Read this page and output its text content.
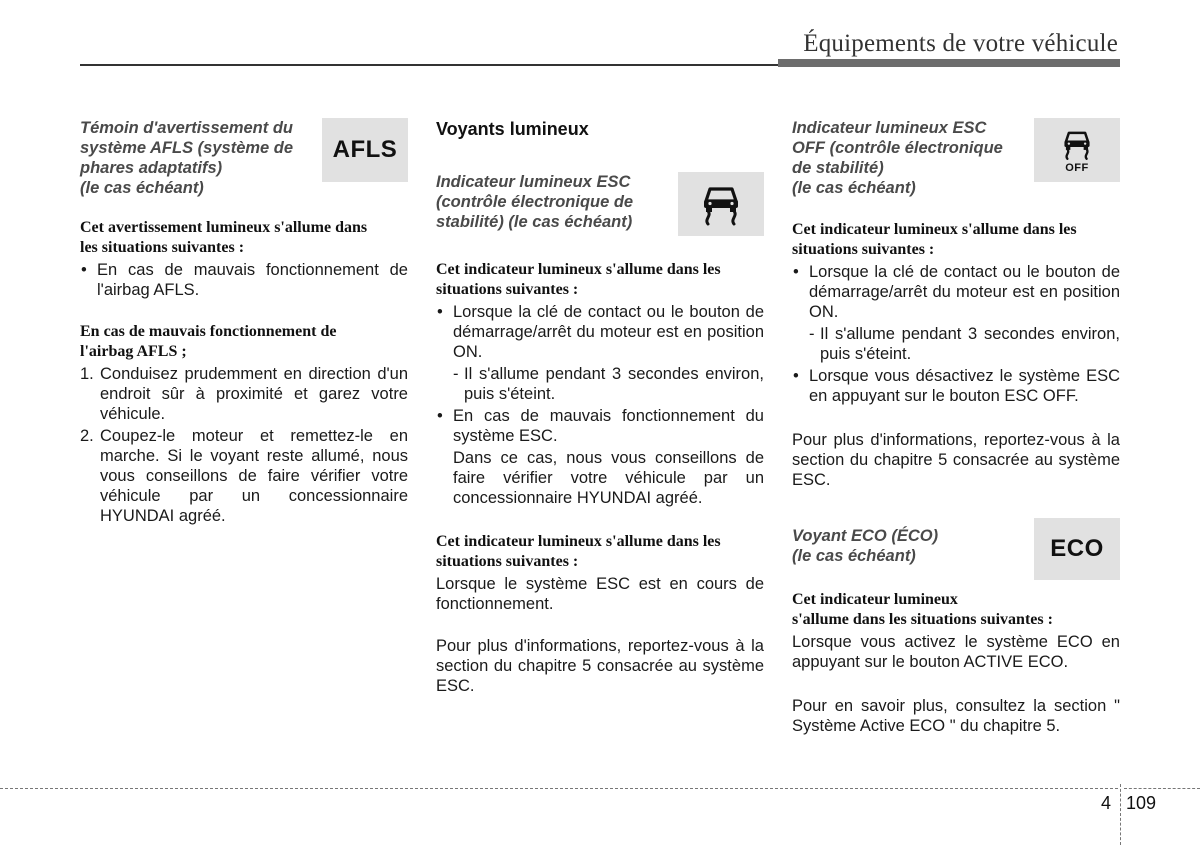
Équipements de votre véhicule

Témoin d'avertissement du
système AFLS (système de
phares adaptatifs)
(le cas échéant)

AFLS

Cet avertissement lumineux s'allume dans
les situations suivantes :

• En cas de mauvais fonctionnement de l'airbag AFLS.

En cas de mauvais fonctionnement de
l'airbag AFLS ;

1. Conduisez prudemment en direction d'un endroit sûr à proximité et garez votre véhicule.
2. Coupez-le moteur et remettez-le en marche. Si le voyant reste allumé, nous vous conseillons de faire vérifier votre véhicule par un concessionnaire HYUNDAI agréé.
Voyants lumineux

Indicateur lumineux ESC
(contrôle électronique de
stabilité) (le cas échéant)

Cet indicateur lumineux s'allume dans les
situations suivantes :

• Lorsque la clé de contact ou le bouton de démarrage/arrêt du moteur est en position ON.
- Il s'allume pendant 3 secondes environ, puis s'éteint.
• En cas de mauvais fonctionnement du système ESC.
Dans ce cas, nous vous conseillons de faire vérifier votre véhicule par un concessionnaire HYUNDAI agréé.

Cet indicateur lumineux s'allume dans les
situations suivantes :

Lorsque le système ESC est en cours de fonctionnement.

Pour plus d'informations, reportez-vous à la section du chapitre 5 consacrée au système ESC.

Indicateur lumineux ESC
OFF (contrôle électronique
de stabilité)
(le cas échéant)

OFF

Cet indicateur lumineux s'allume dans les
situations suivantes :

• Lorsque la clé de contact ou le bouton de démarrage/arrêt du moteur est en position ON.
- Il s'allume pendant 3 secondes environ, puis s'éteint.
• Lorsque vous désactivez le système ESC en appuyant sur le bouton ESC OFF.

Pour plus d'informations, reportez-vous à la section du chapitre 5 consacrée au système ESC.

Voyant ECO (ÉCO)
(le cas échéant)	ECO

Cet indicateur lumineux
s'allume dans les situations suivantes :

Lorsque vous activez le système ECO en appuyant sur le bouton ACTIVE ECO.

Pour en savoir plus, consultez la section " Système Active ECO " du chapitre 5.

4 109
